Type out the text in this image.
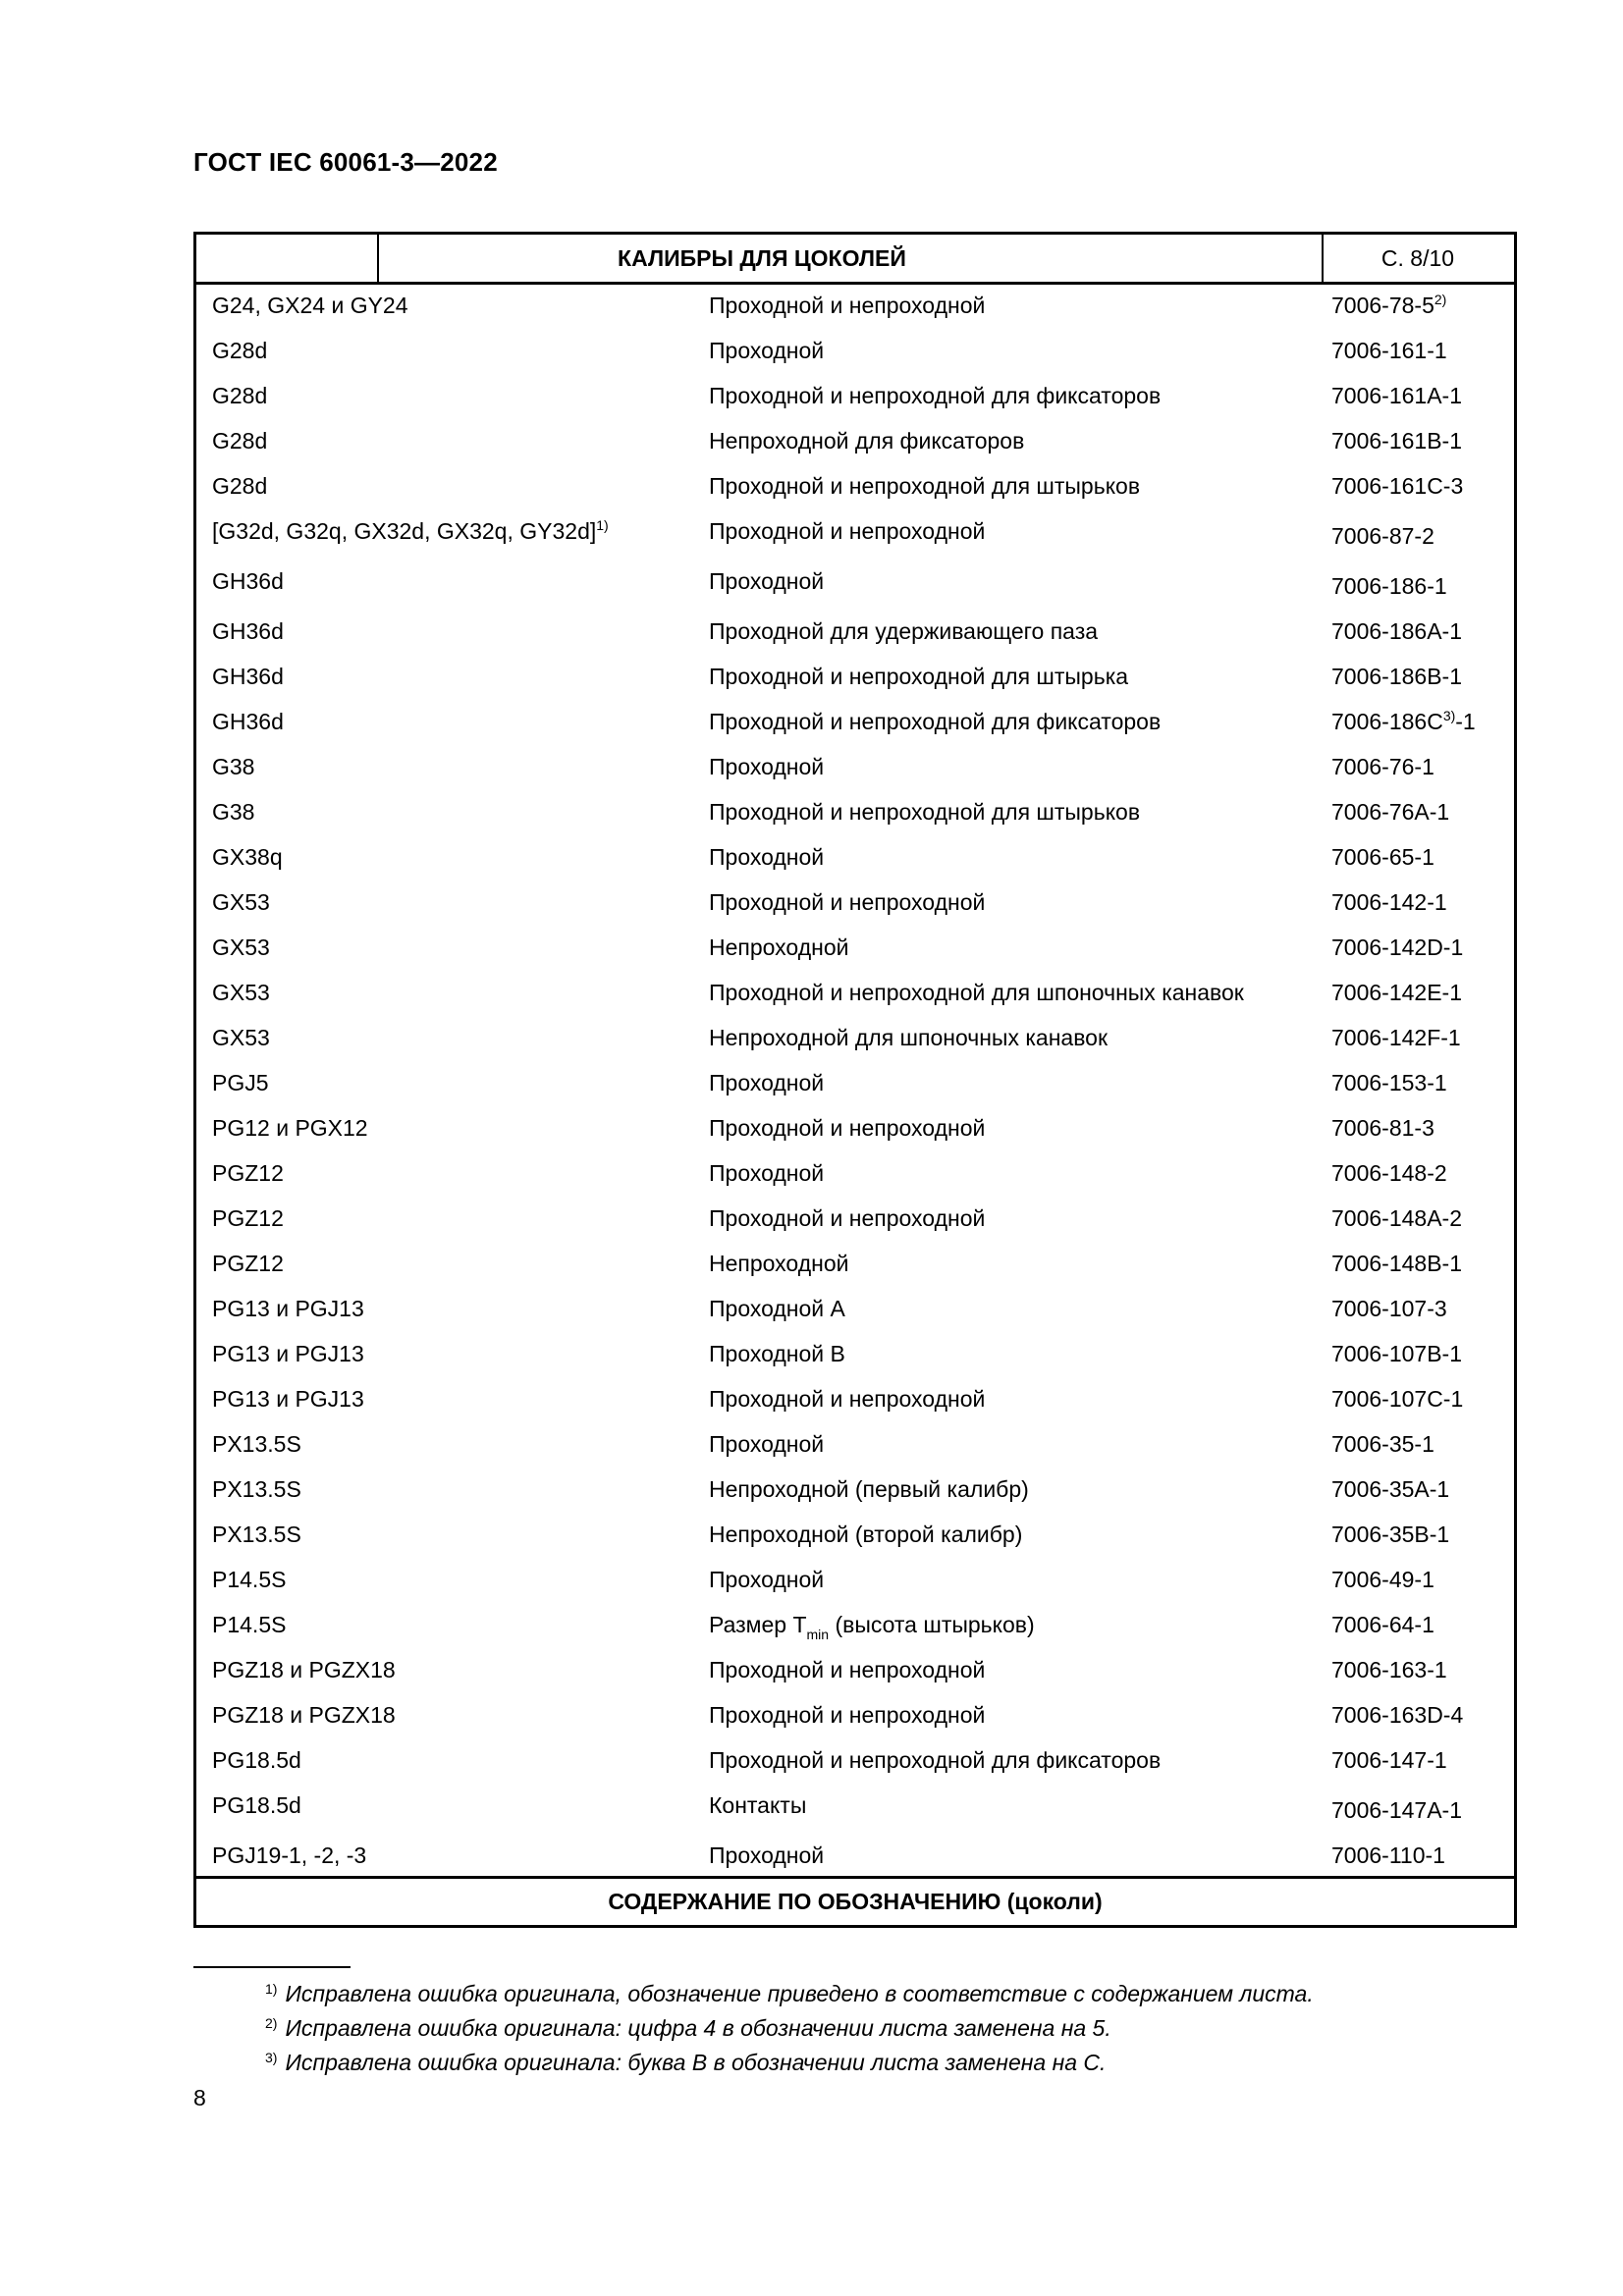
ГОСТ IEC 60061-3—2022
КАЛИБРЫ ДЛЯ ЦОКОЛЕЙ	С. 8/10
G24, GX24 и GY24	Проходной и непроходной	7006-78-5$^{2)}$
G28d	Проходной	7006-161-1
G28d	Проходной и непроходной для фиксаторов	7006-161A-1
G28d	Непроходной для фиксаторов	7006-161B-1
G28d	Проходной и непроходной для штырьков	7006-161C-3
[G32d, G32q, GX32d, GX32q, GY32d]$^{1)}$	Проходной и непроходной	7006-87-2
GH36d	Проходной	7006-186-1
GH36d	Проходной для удерживающего паза	7006-186A-1
GH36d	Проходной и непроходной для штырька	7006-186B-1
GH36d	Проходной и непроходной для фиксаторов	$7006-186C^{3)}-1$
G38	Проходной	7006-76-1
G38	Проходной и непроходной для штырьков	7006-76A-1
GX38q	Проходной	7006-65-1
GX53	Проходной и непроходной	7006-142-1
GX53	Непроходной	7006-142D-1
GX53	Проходной и непроходной для шпоночных канавок	7006-142E-1
GX53	Непроходной для шпоночных канавок	7006-142F-1
PGJ5	Проходной	7006-153-1
PG12 и PGX12	Проходной и непроходной	7006-81-3
PGZ12	Проходной	7006-148-2
PGZ12	Проходной и непроходной	7006-148A-2
PGZ12	Непроходной	7006-148B-1
PG13 и PGJ13	Проходной А	7006-107-3
PG13 и PGJ13	Проходной В	7006-107B-1
PG13 и PGJ13	Проходной и непроходной	7006-107C-1
PX13.5S	Проходной	7006-35-1
PX13.5S	Непроходной (первый калибр)	7006-35A-1
PX13.5S	Непроходной (второй калибр)	7006-35B-1
P14.5S	Проходной	7006-49-1
P14.5S	Размер $T_{min}$ (высота штырьков)	7006-64-1
PGZ18 и PGZX18	Проходной и непроходной	7006-163-1
PGZ18 и PGZX18	Проходной и непроходной	7006-163D-4
PG18.5d	Проходной и непроходной для фиксаторов	7006-147-1
PG18.5d	Контакты	7006-147A-1
PGJ19-1, -2, -3	Проходной	7006-110-1
СОДЕРЖАНИЕ ПО ОБОЗНАЧЕНИЮ (цоколи)
$^{1)}$ Исправлена ошибка оригинала, обозначение приведено в соответствие с содержанием листа.
$^{2)}$ Исправлена ошибка оригинала: цифра 4 в обозначении листа заменена на 5.
$^{3)}$ Исправлена ошибка оригинала: буква В в обозначении листа заменена на С.
8
